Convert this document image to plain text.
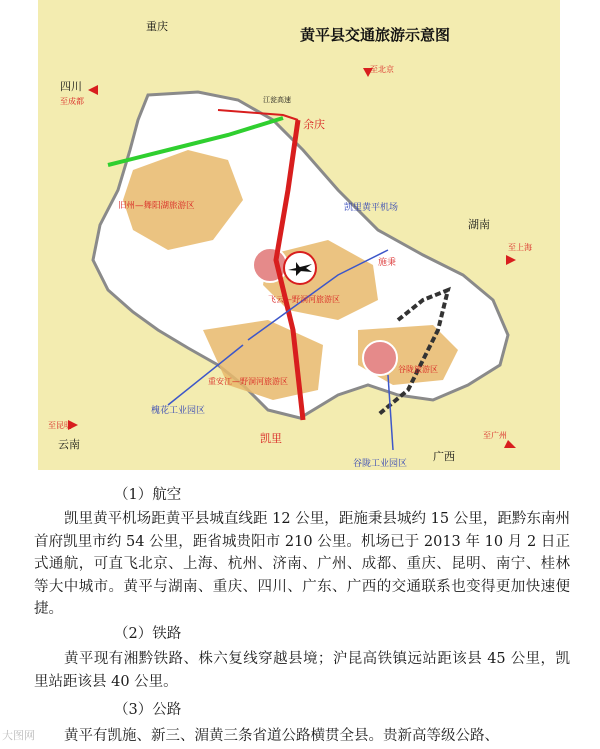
黄平县交通旅游示意图
重庆
四川
至成都
至北京
湖南
至上海
余庆
凯里黄平机场
凯里
至昆明
云南
广西
至广州
旧州—舞阳湖旅游区
飞云—野洞河旅游区
重安江—野洞河旅游区
谷陇旅游区
槐花工业园区
谷陇工业园区
江瓮高速
施秉

（1）航空

凯里黄平机场距黄平县城直线距 12 公里，距施秉县城约 15 公里，距黔东南州首府凯里市约 54 公里，距省城贵阳市 210 公里。机场已于 2013 年 10 月 2 日正式通航，可直飞北京、上海、杭州、济南、广州、成都、重庆、昆明、南宁、桂林等大中城市。黄平与湖南、重庆、四川、广东、广西的交通联系也变得更加快速便捷。

（2）铁路

黄平现有湘黔铁路、株六复线穿越县境；沪昆高铁镇远站距该县 45 公里，凯里站距该县 40 公里。

（3）公路

黄平有凯施、新三、湄黄三条省道公路横贯全县。贵新高等级公路、

大图网
